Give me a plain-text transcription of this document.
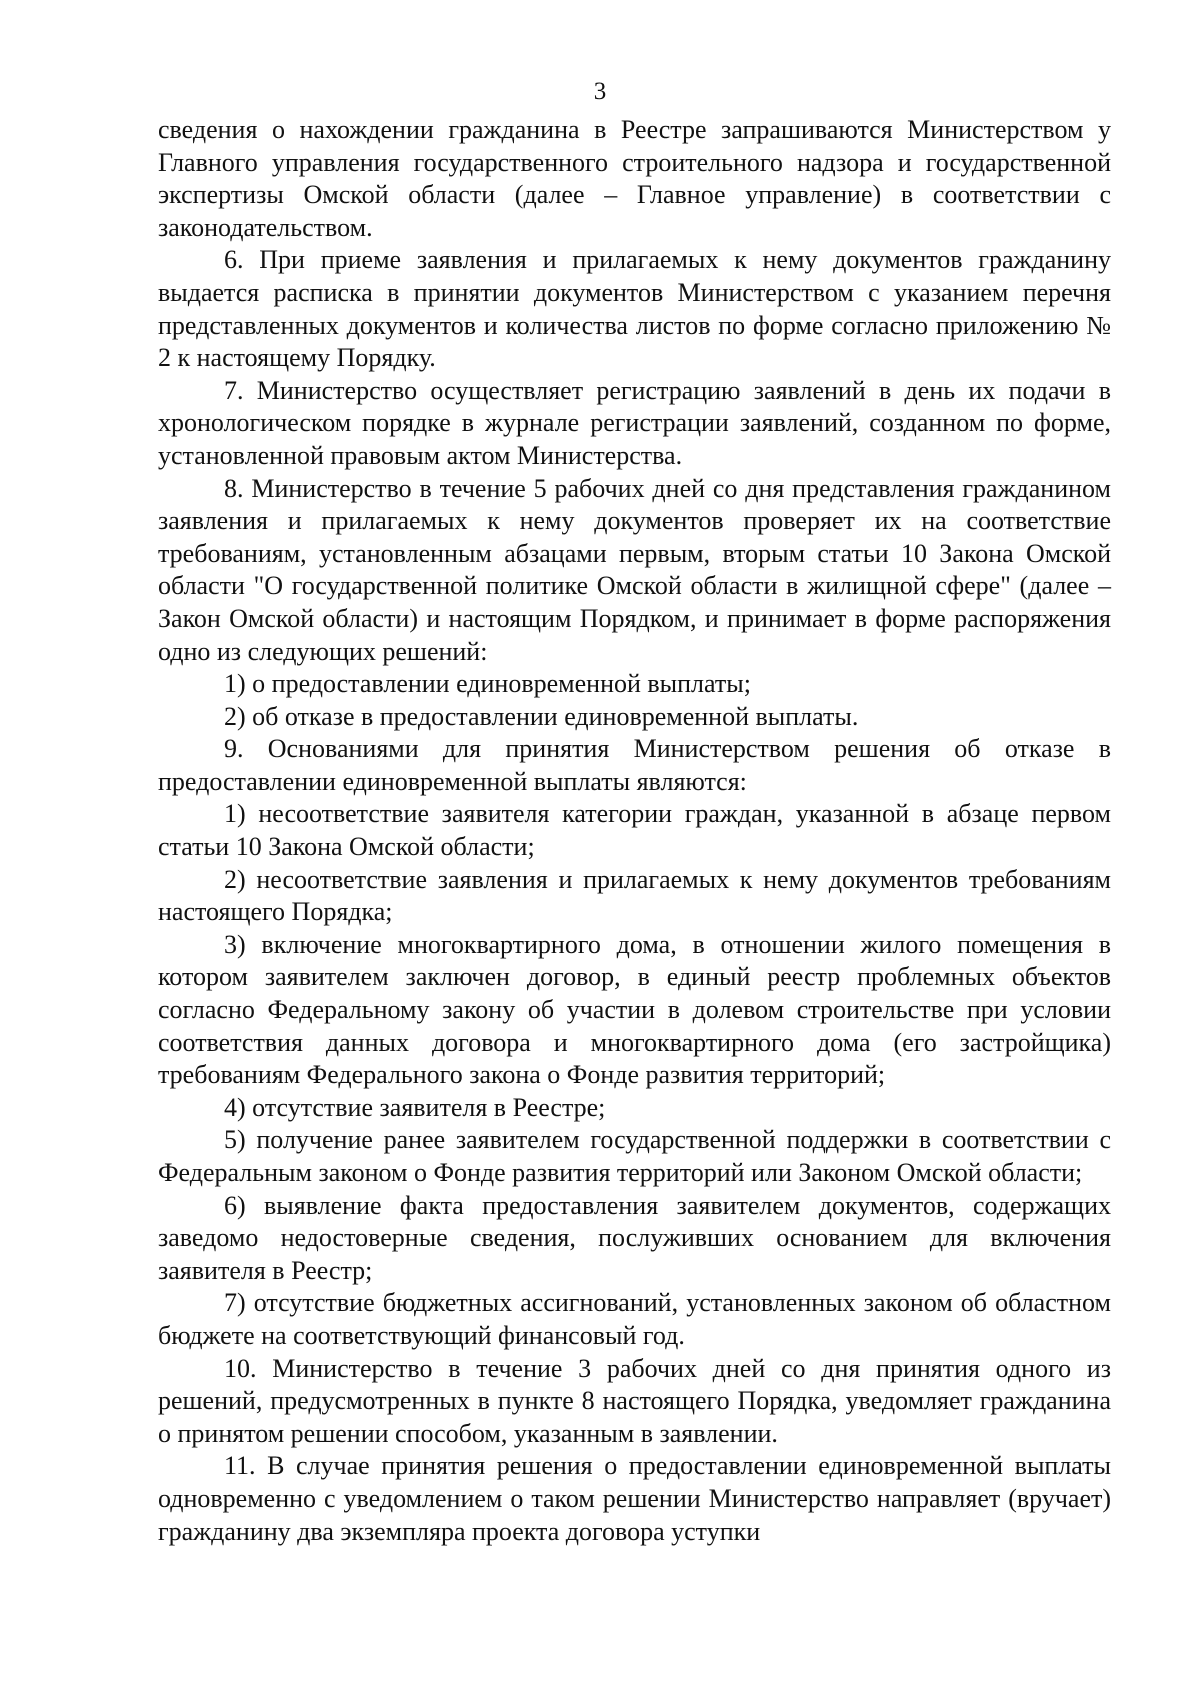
3

сведения о нахождении гражданина в Реестре запрашиваются Министерством у Главного управления государственного строительного надзора и государственной экспертизы Омской области (далее – Главное управление) в соответствии с законодательством.

6. При приеме заявления и прилагаемых к нему документов гражданину выдается расписка в принятии документов Министерством с указанием перечня представленных документов и количества листов по форме согласно приложению № 2 к настоящему Порядку.

7. Министерство осуществляет регистрацию заявлений в день их подачи в хронологическом порядке в журнале регистрации заявлений, созданном по форме, установленной правовым актом Министерства.

8. Министерство в течение 5 рабочих дней со дня представления гражданином заявления и прилагаемых к нему документов проверяет их на соответствие требованиям, установленным абзацами первым, вторым статьи 10 Закона Омской области "О государственной политике Омской области в жилищной сфере" (далее – Закон Омской области) и настоящим Порядком, и принимает в форме распоряжения одно из следующих решений:

1) о предоставлении единовременной выплаты;

2) об отказе в предоставлении единовременной выплаты.

9. Основаниями для принятия Министерством решения об отказе в предоставлении единовременной выплаты являются:

1) несоответствие заявителя категории граждан, указанной в абзаце первом статьи 10 Закона Омской области;

2) несоответствие заявления и прилагаемых к нему документов требованиям настоящего Порядка;

3) включение многоквартирного дома, в отношении жилого помещения в котором заявителем заключен договор, в единый реестр проблемных объектов согласно Федеральному закону об участии в долевом строительстве при условии соответствия данных договора и многоквартирного дома (его застройщика) требованиям Федерального закона о Фонде развития территорий;

4) отсутствие заявителя в Реестре;

5) получение ранее заявителем государственной поддержки в соответствии с Федеральным законом о Фонде развития территорий или Законом Омской области;

6) выявление факта предоставления заявителем документов, содержащих заведомо недостоверные сведения, послуживших основанием для включения заявителя в Реестр;

7) отсутствие бюджетных ассигнований, установленных законом об областном бюджете на соответствующий финансовый год.

10. Министерство в течение 3 рабочих дней со дня принятия одного из решений, предусмотренных в пункте 8 настоящего Порядка, уведомляет гражданина о принятом решении способом, указанным в заявлении.

11. В случае принятия решения о предоставлении единовременной выплаты одновременно с уведомлением о таком решении Министерство направляет (вручает) гражданину два экземпляра проекта договора уступки
